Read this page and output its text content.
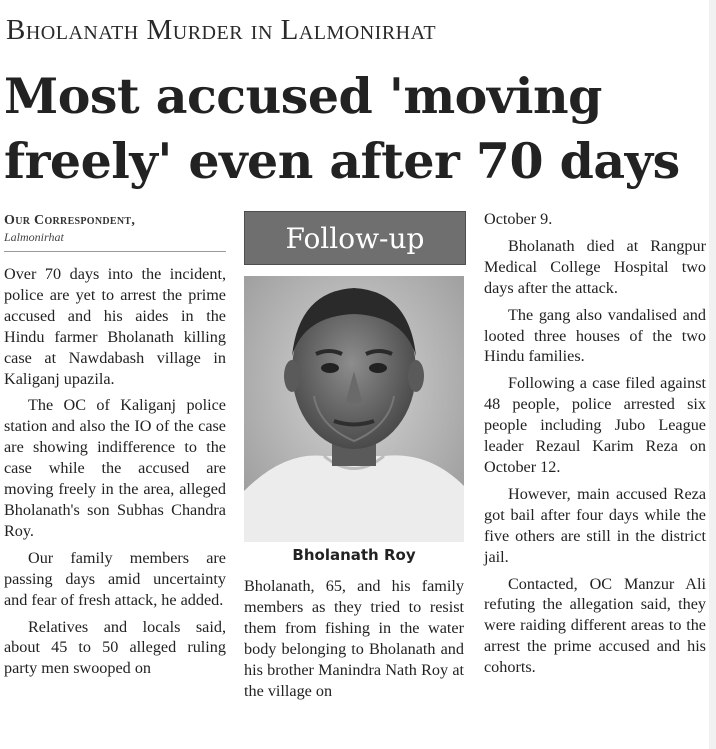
Bholanath Murder in Lalmonirhat
Most accused 'moving freely' even after 70 days
Our Correspondent,
Lalmonirhat

Over 70 days into the incident, police are yet to arrest the prime accused and his aides in the Hindu farmer Bholanath killing case at Nawdabash village in Kaliganj upazila.

The OC of Kaliganj police station and also the IO of the case are showing indifference to the case while the accused are moving freely in the area, alleged Bholanath's son Subhas Chandra Roy.

Our family members are passing days amid uncertainty and fear of fresh attack, he added.

Relatives and locals said, about 45 to 50 alleged ruling party men swooped on

Follow-up
Bholanath Roy

Bholanath, 65, and his family members as they tried to resist them from fishing in the water body belonging to Bholanath and his brother Manindra Nath Roy at the village on

October 9.

Bholanath died at Rangpur Medical College Hospital two days after the attack.

The gang also vandalised and looted three houses of the two Hindu families.

Following a case filed against 48 people, police arrested six people including Jubo League leader Rezaul Karim Reza on October 12.

However, main accused Reza got bail after four days while the five others are still in the district jail.

Contacted, OC Manzur Ali refuting the allegation said, they were raiding different areas to the arrest the prime accused and his cohorts.
